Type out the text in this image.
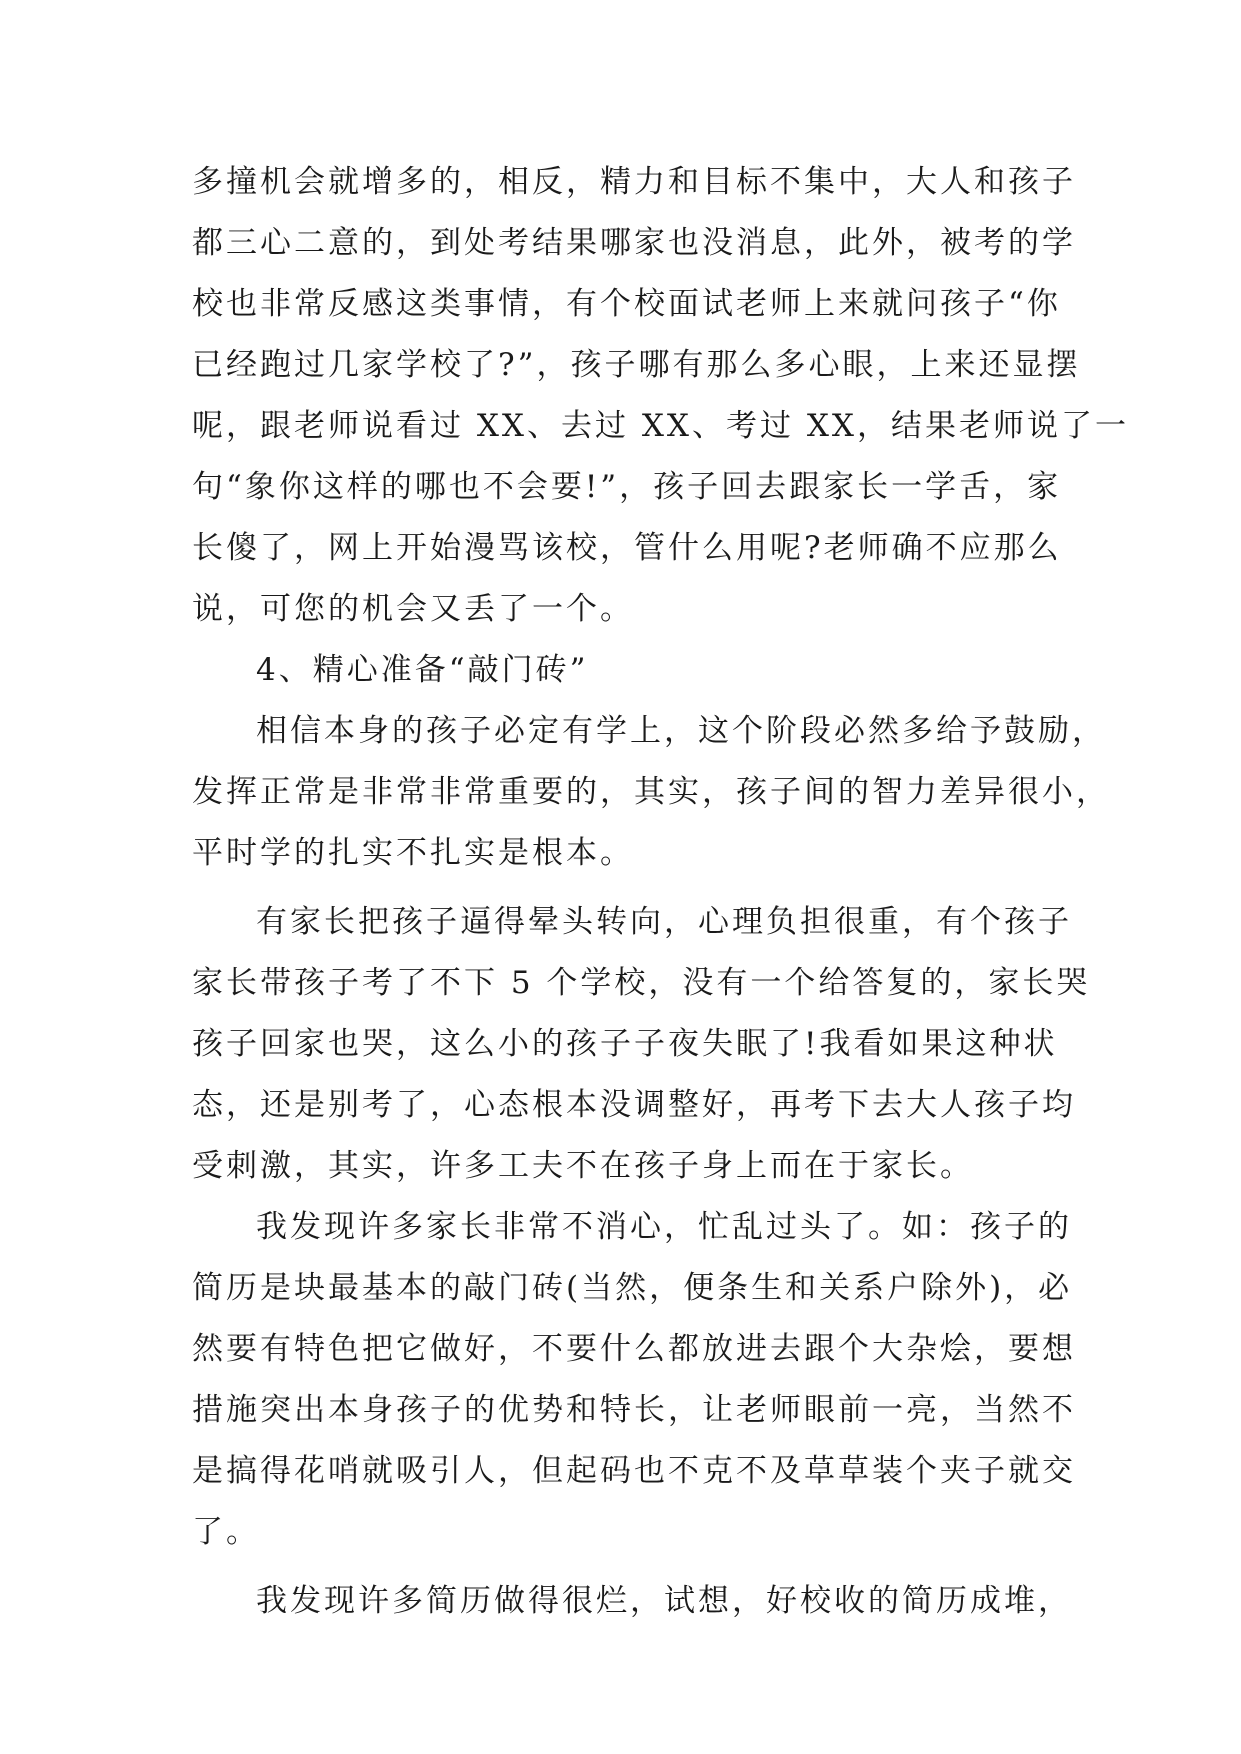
多撞机会就增多的，相反，精力和目标不集中，大人和孩子
都三心二意的，到处考结果哪家也没消息，此外，被考的学
校也非常反感这类事情，有个校面试老师上来就问孩子“你
已经跑过几家学校了?”，孩子哪有那么多心眼，上来还显摆
呢，跟老师说看过 XX、去过 XX、考过 XX，结果老师说了一
句“象你这样的哪也不会要!”，孩子回去跟家长一学舌，家
长傻了，网上开始漫骂该校，管什么用呢?老师确不应那么
说，可您的机会又丢了一个。
4、精心准备“敲门砖”
相信本身的孩子必定有学上，这个阶段必然多给予鼓励，
发挥正常是非常非常重要的，其实，孩子间的智力差异很小，
平时学的扎实不扎实是根本。
有家长把孩子逼得晕头转向，心理负担很重，有个孩子
家长带孩子考了不下 5 个学校，没有一个给答复的，家长哭
孩子回家也哭，这么小的孩子子夜失眠了!我看如果这种状
态，还是别考了，心态根本没调整好，再考下去大人孩子均
受刺激，其实，许多工夫不在孩子身上而在于家长。
我发现许多家长非常不消心，忙乱过头了。如：孩子的
简历是块最基本的敲门砖(当然，便条生和关系户除外)，必
然要有特色把它做好，不要什么都放进去跟个大杂烩，要想
措施突出本身孩子的优势和特长，让老师眼前一亮，当然不
是搞得花哨就吸引人，但起码也不克不及草草装个夹子就交
了。
我发现许多简历做得很烂，试想，好校收的简历成堆，
